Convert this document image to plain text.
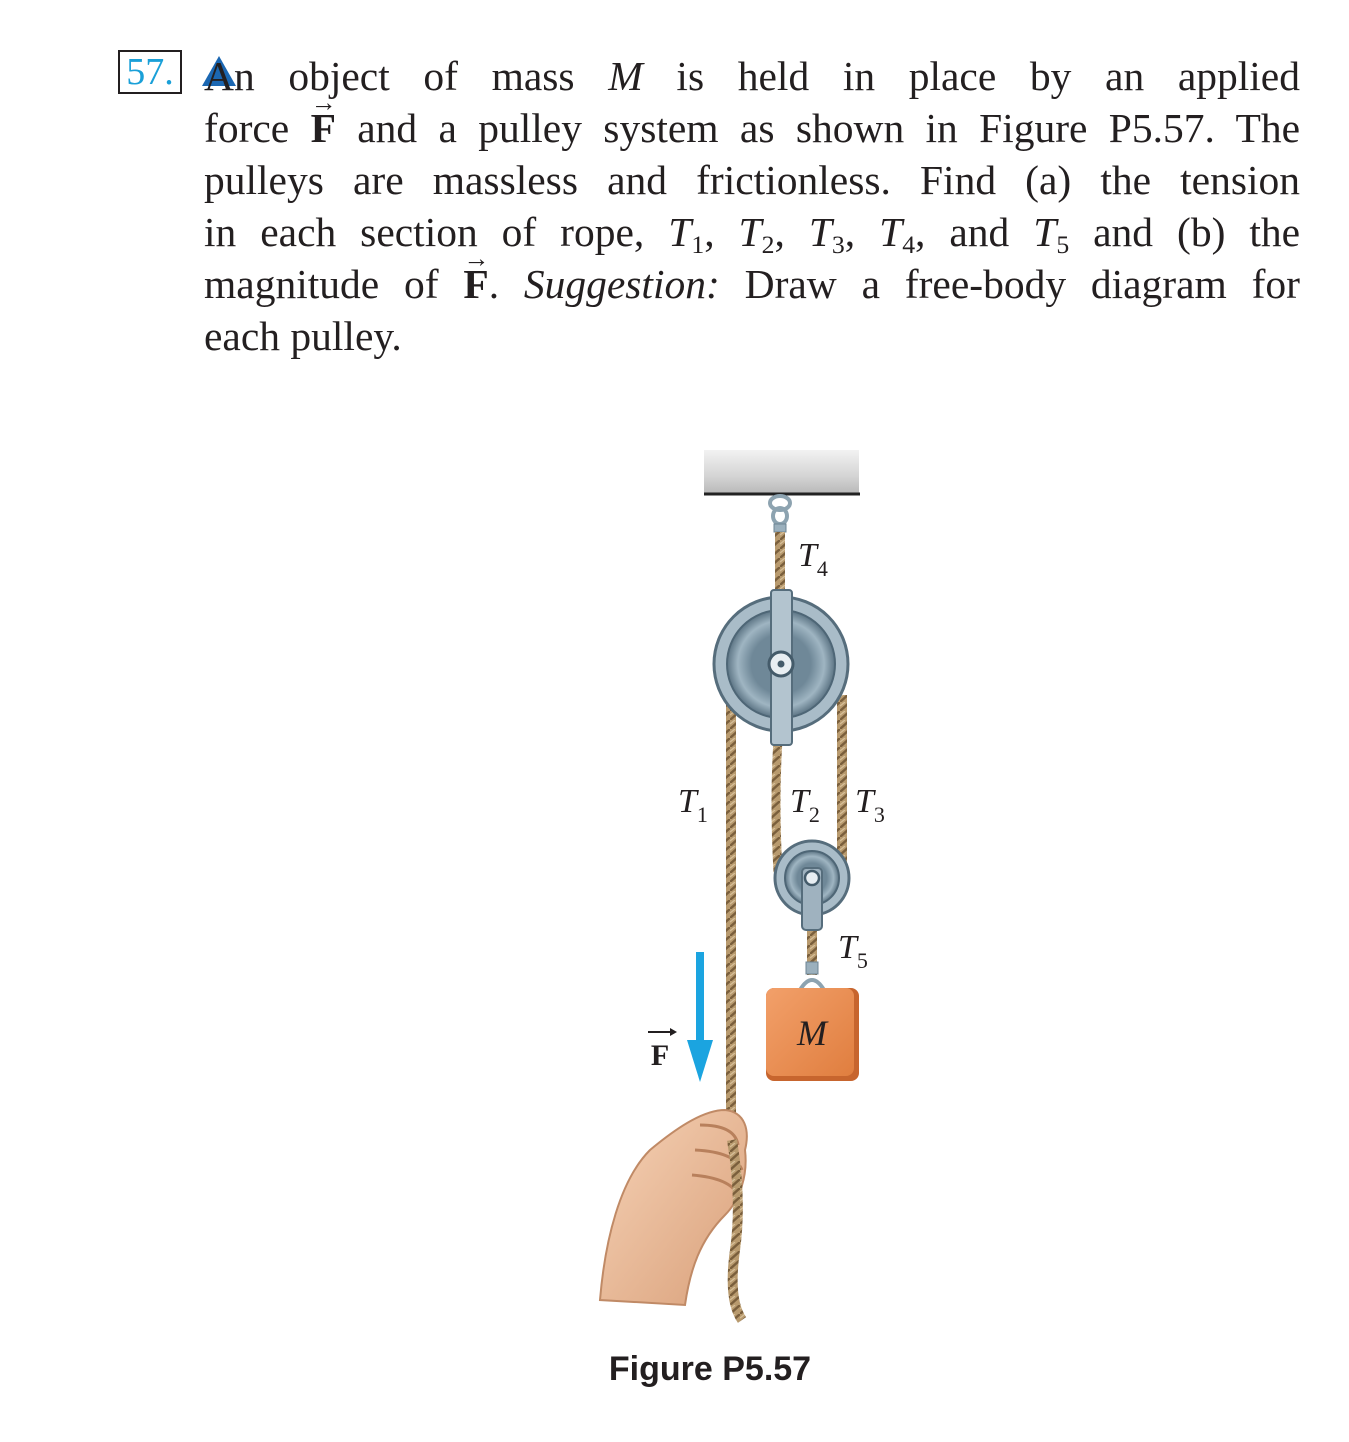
57. An object of mass M is held in place by an applied
force → F and a pulley system as shown in Figure P5.57. The
pulleys are massless and frictionless. Find (a) the tension
in each section of rope, $T_1$, $T_2$, $T_3$, $T_4$, and $T_5$ and (b) the
magnitude of → F. Suggestion: Draw a free-body diagram for
each pulley.
M
$T_4$
$T_1$ $T_2$ $T_3$
$T_5$
F
Figure P5.57
